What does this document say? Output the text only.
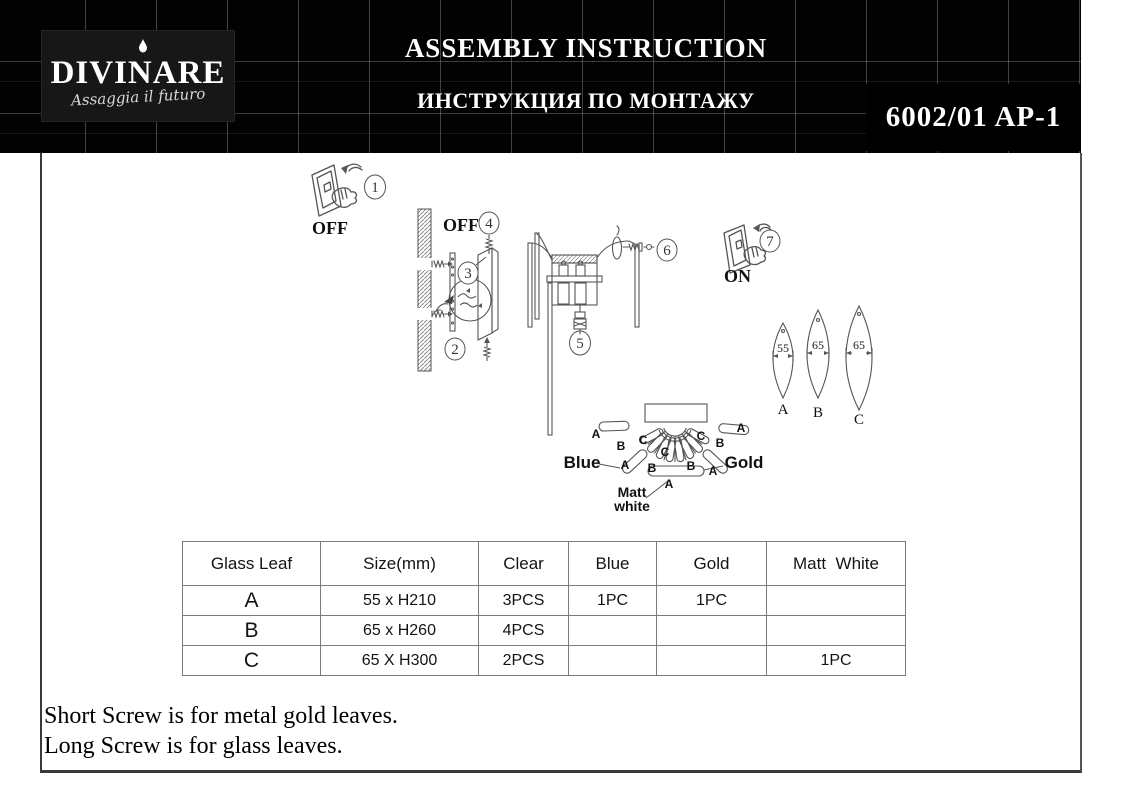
DIVINARE
Assaggia il futuro
ASSEMBLY INSTRUCTION
ИНСТРУКЦИЯ ПО МОНТАЖУ
6002/01 AP-1
1
OFF	OFF 4
3
2
6
5
7
ON
55 65 65
A B C
A
B C	C B
A
A B
C
B A
A
Blue	Gold
Matt
white
Glass Leaf	Size(mm)	Clear	Blue	Gold	Matt  White
A	55 x H210	3PCS	1PC	1PC	
B	65 x H260	4PCS			
C	65 X H300	2PCS			1PC
Short Screw is for metal gold leaves.
Long Screw is for glass leaves.
